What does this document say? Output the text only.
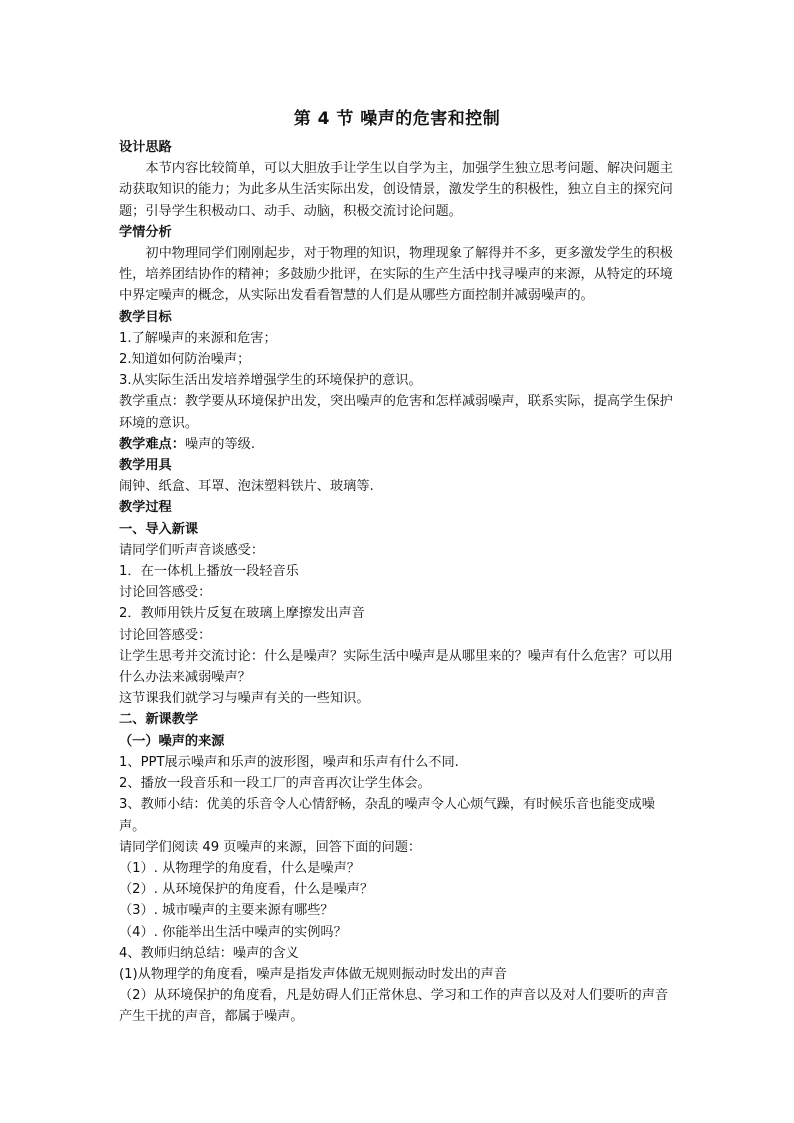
第 4 节 噪声的危害和控制

设计思路

本节内容比较简单，可以大胆放手让学生以自学为主，加强学生独立思考问题、解决问题主动获取知识的能力；为此多从生活实际出发，创设情景，激发学生的积极性，独立自主的探究问题；引导学生积极动口、动手、动脑，积极交流讨论问题。

学情分析

初中物理同学们刚刚起步，对于物理的知识，物理现象了解得并不多，更多激发学生的积极性，培养团结协作的精神；多鼓励少批评，在实际的生产生活中找寻噪声的来源，从特定的环境中界定噪声的概念，从实际出发看看智慧的人们是从哪些方面控制并减弱噪声的。

教学目标

1.了解噪声的来源和危害；

2.知道如何防治噪声；

3.从实际生活出发培养增强学生的环境保护的意识。

教学重点：教学要从环境保护出发，突出噪声的危害和怎样减弱噪声，联系实际，提高学生保护环境的意识。

教学难点：噪声的等级.

教学用具

闹钟、纸盒、耳罩、泡沫塑料铁片、玻璃等.

教学过程

一、导入新课

请同学们听声音谈感受：

1．在一体机上播放一段轻音乐

讨论回答感受：

2．教师用铁片反复在玻璃上摩擦发出声音

讨论回答感受：

让学生思考并交流讨论：什么是噪声？实际生活中噪声是从哪里来的？噪声有什么危害？可以用什么办法来减弱噪声？

这节课我们就学习与噪声有关的一些知识。

二、新课教学

（一）噪声的来源

1、PPT展示噪声和乐声的波形图，噪声和乐声有什么不同.

2、播放一段音乐和一段工厂的声音再次让学生体会。

3、教师小结：优美的乐音令人心情舒畅，杂乱的噪声令人心烦气躁，有时候乐音也能变成噪声。

请同学们阅读 49 页噪声的来源，回答下面的问题：

（1）. 从物理学的角度看，什么是噪声？

（2）. 从环境保护的角度看，什么是噪声？

（3）. 城市噪声的主要来源有哪些？

（4）. 你能举出生活中噪声的实例吗？

4、教师归纳总结：噪声的含义

(1)从物理学的角度看，噪声是指发声体做无规则振动时发出的声音

（2）从环境保护的角度看，凡是妨碍人们正常休息、学习和工作的声音以及对人们要听的声音产生干扰的声音，都属于噪声。
